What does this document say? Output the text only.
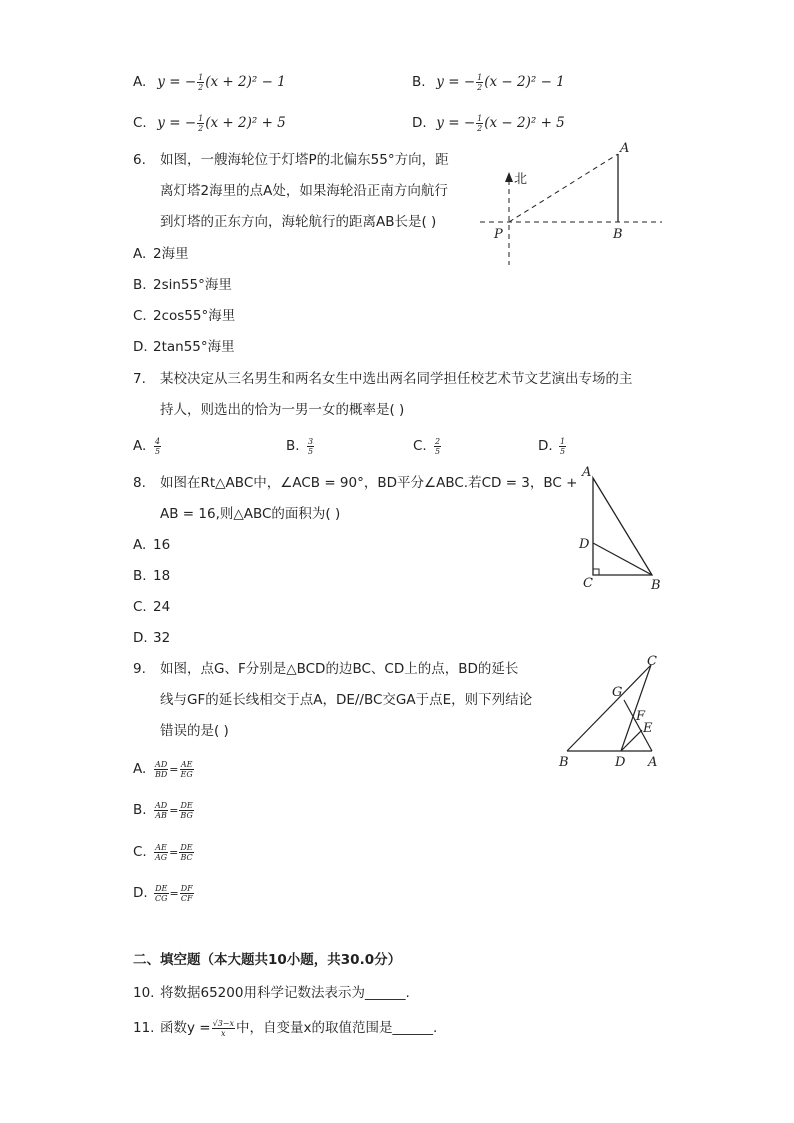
A. y = − $\frac{1}{2} (x + 2)^2 - 1$	B. y = − $\frac{1}{2} (x - 2)^2 - 1$
C. y = − $\frac{1}{2} (x + 2)^2 + 5$	D. y = − $\frac{1}{2} (x - 2)^2 + 5$
6. 如图，一艘海轮位于灯塔P的北偏东55°方向，距
离灯塔2海里的点A处，如果海轮沿正南方向航行
到灯塔的正东方向，海轮航行的距离AB长是( )
A. 2海里
B. 2sin55°海里
C. 2cos55°海里
D. 2tan55°海里
北
A
P	B
7. 某校决定从三名男生和两名女生中选出两名同学担任校艺术节文艺演出专场的主
持人，则选出的恰为一男一女的概率是( )
A. $\frac{4}{5}$	B. $\frac{3}{5}$	C. $\frac{2}{5}$	D. $\frac{1}{5}$
8. 如图在Rt△ABC中，∠ACB = 90°，BD平分∠ABC.若CD = 3，BC +
AB = 16,则△ABC的面积为( )
A. 16
B. 18
C. 24
D. 32
A
D
C	B
9. 如图，点G、F分别是△BCD的边BC、CD上的点，BD的延长
线与GF的延长线相交于点A，DE//BC交GA于点E，则下列结论
错误的是( )
A. $\frac{AD}{BD} = \frac{AE}{EG}$
B. $\frac{AD}{AB} = \frac{DE}{BG}$
C. $\frac{AE}{AG} = \frac{DE}{BC}$
D. $\frac{DE}{CG} = \frac{DF}{CF}$
C
G
F
E
B	D A
二、填空题（本大题共10小题，共30.0分）
10. 将数据65200用科学记数法表示为______.
11. 函数$y = \frac{√3-x}{x}$ 中，自变量x的取值范围是______.
